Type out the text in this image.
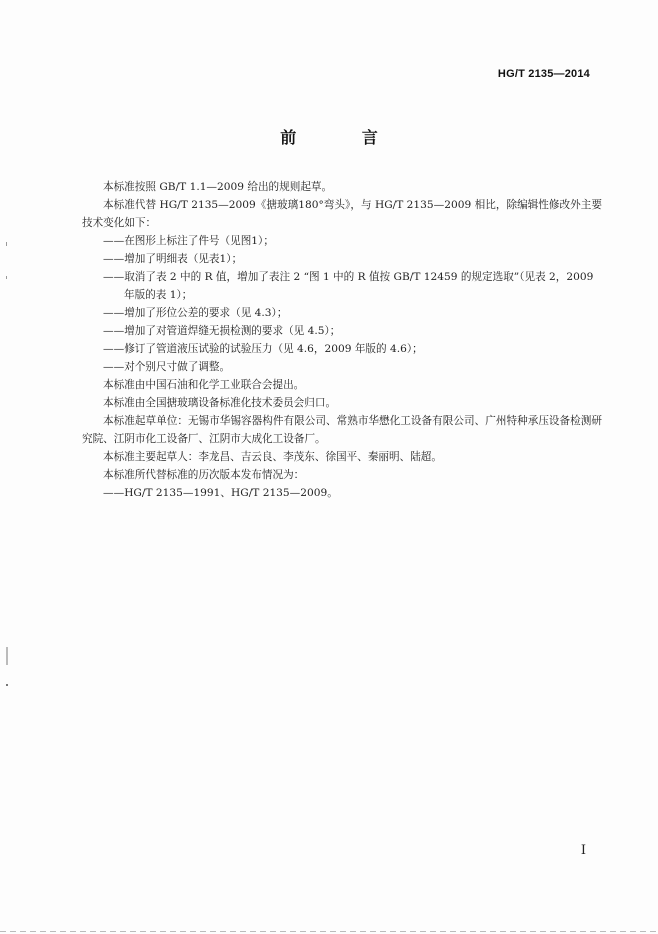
HG/T 2135—2014
前 言

本标准按照 GB/T 1.1—2009 给出的规则起草。

本标准代替 HG/T 2135—2009《搪玻璃180°弯头》，与 HG/T 2135—2009 相比，除编辑性修改外主要技术变化如下：

——在图形上标注了件号（见图1）；

——增加了明细表（见表1）；

——取消了表 2 中的 R 值，增加了表注 2 “图 1 中的 R 值按 GB/T 12459 的规定选取”（见表 2，2009 年版的表 1）；

——增加了形位公差的要求（见 4.3）；

——增加了对管道焊缝无损检测的要求（见 4.5）；

——修订了管道液压试验的试验压力（见 4.6，2009 年版的 4.6）；

——对个别尺寸做了调整。

本标准由中国石油和化学工业联合会提出。

本标准由全国搪玻璃设备标准化技术委员会归口。

本标准起草单位：无锡市华锡容器构件有限公司、常熟市华懋化工设备有限公司、广州特种承压设备检测研究院、江阴市化工设备厂、江阴市大成化工设备厂。

本标准主要起草人：李龙昌、吉云良、李茂东、徐国平、秦丽明、陆超。

本标准所代替标准的历次版本发布情况为：

——HG/T 2135—1991、HG/T 2135—2009。

I
